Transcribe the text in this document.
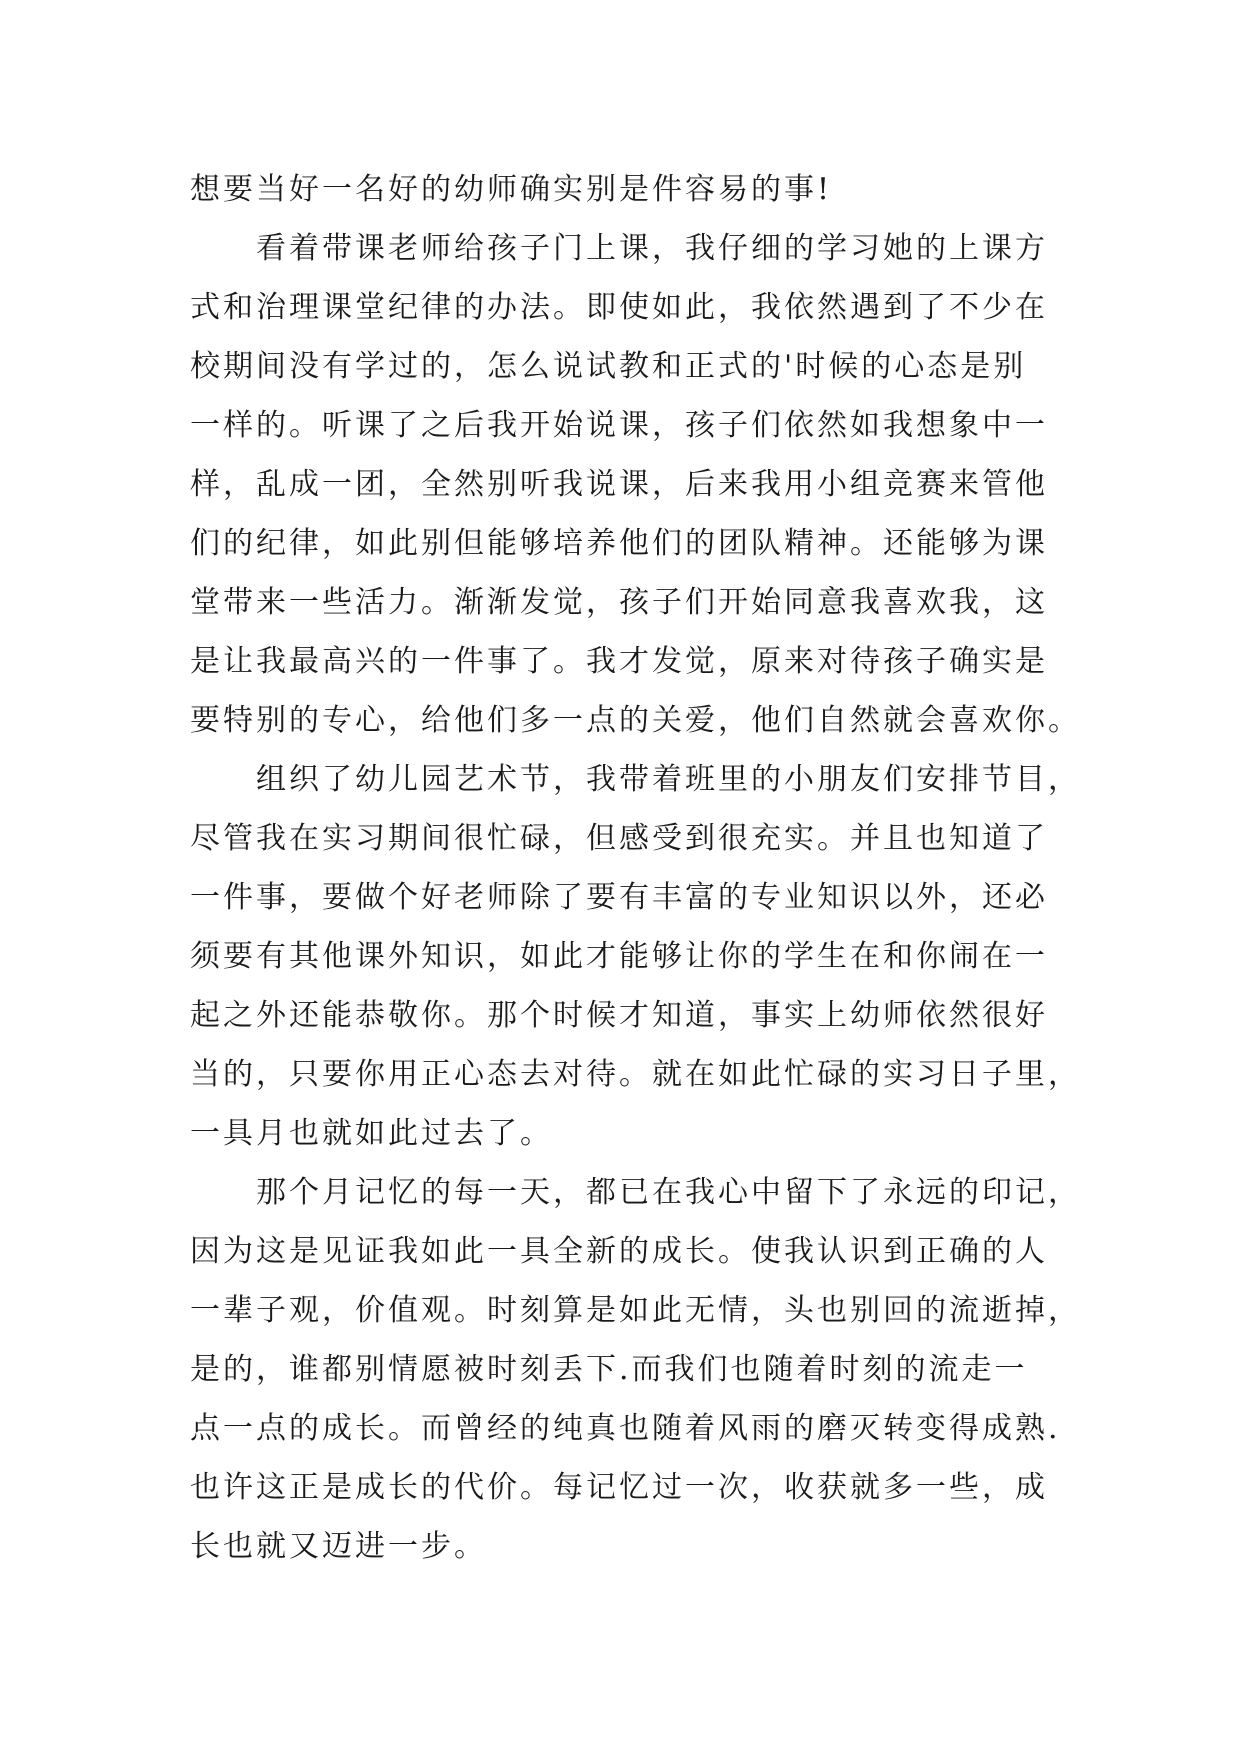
想要当好一名好的幼师确实别是件容易的事!
看着带课老师给孩子门上课，我仔细的学习她的上课方
式和治理课堂纪律的办法。即使如此，我依然遇到了不少在
校期间没有学过的，怎么说试教和正式的'时候的心态是别
一样的。听课了之后我开始说课，孩子们依然如我想象中一
样，乱成一团，全然别听我说课，后来我用小组竞赛来管他
们的纪律，如此别但能够培养他们的团队精神。还能够为课
堂带来一些活力。渐渐发觉，孩子们开始同意我喜欢我，这
是让我最高兴的一件事了。我才发觉，原来对待孩子确实是
要特别的专心，给他们多一点的关爱，他们自然就会喜欢你。
组织了幼儿园艺术节，我带着班里的小朋友们安排节目，
尽管我在实习期间很忙碌，但感受到很充实。并且也知道了
一件事，要做个好老师除了要有丰富的专业知识以外，还必
须要有其他课外知识，如此才能够让你的学生在和你闹在一
起之外还能恭敬你。那个时候才知道，事实上幼师依然很好
当的，只要你用正心态去对待。就在如此忙碌的实习日子里，
一具月也就如此过去了。
那个月记忆的每一天，都已在我心中留下了永远的印记，
因为这是见证我如此一具全新的成长。使我认识到正确的人
一辈子观，价值观。时刻算是如此无情，头也别回的流逝掉，
是的，谁都别情愿被时刻丢下.而我们也随着时刻的流走一
点一点的成长。而曾经的纯真也随着风雨的磨灭转变得成熟.
也许这正是成长的代价。每记忆过一次，收获就多一些，成
长也就又迈进一步。
